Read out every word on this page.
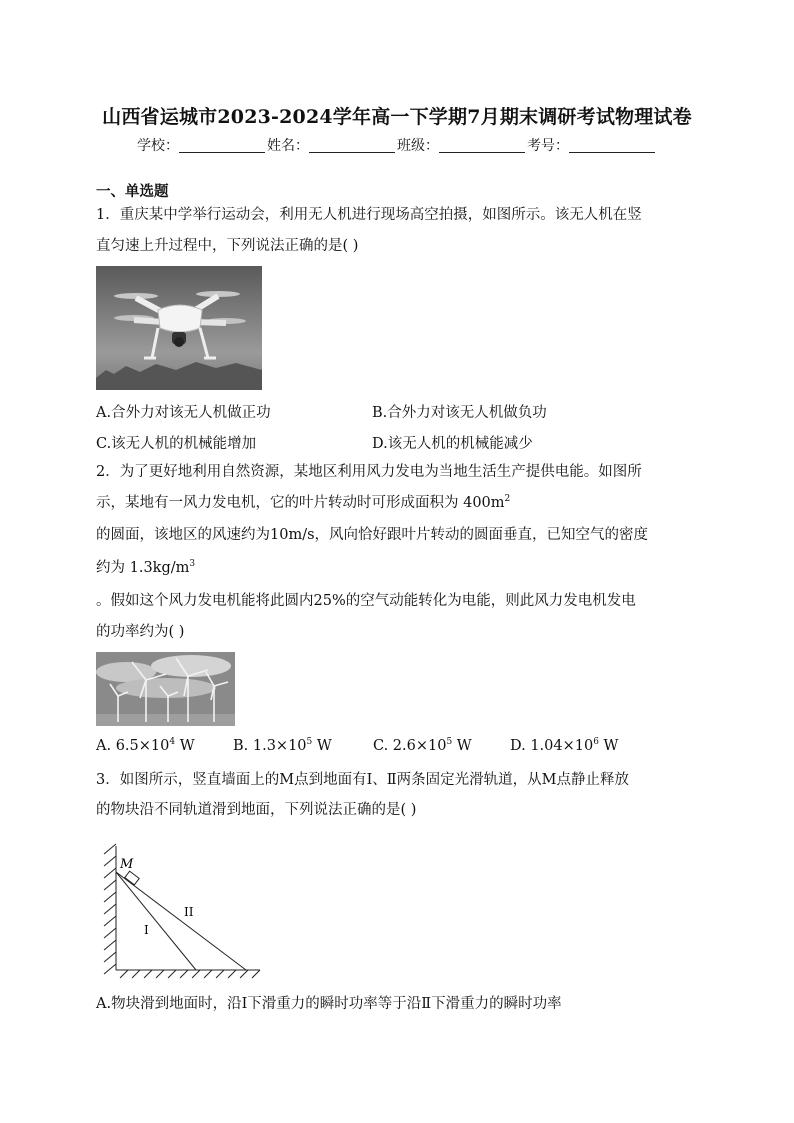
山西省运城市2023-2024学年高一下学期7月期末调研考试物理试卷
学校：	姓名：	班级：	考号：
一、单选题
1．重庆某中学举行运动会，利用无人机进行现场高空拍摄，如图所示。该无人机在竖
直匀速上升过程中，下列说法正确的是( )
A.合外力对该无人机做正功	B.合外力对该无人机做负功
C.该无人机的机械能增加	D.该无人机的机械能减少
2．为了更好地利用自然资源，某地区利用风力发电为当地生活生产提供电能。如图所
示，某地有一风力发电机，它的叶片转动时可形成面积为 $400m^2$
的圆面，该地区的风速约为10m/s，风向恰好跟叶片转动的圆面垂直，已知空气的密度
约为 $1.3kg/m^3$
。假如这个风力发电机能将此圆内25%的空气动能转化为电能，则此风力发电机发电
的功率约为( )
A. $6.5\times 10^4$ W	B. $1.3\times 10^5$ W	C. $2.6\times 10^5$ W	D. $1.04\times 10^6$ W
3．如图所示，竖直墙面上的M点到地面有Ⅰ、Ⅱ两条固定光滑轨道，从M点静止释放
的物块沿不同轨道滑到地面，下列说法正确的是( )
M
I
II
A.物块滑到地面时，沿Ⅰ下滑重力的瞬时功率等于沿Ⅱ下滑重力的瞬时功率
